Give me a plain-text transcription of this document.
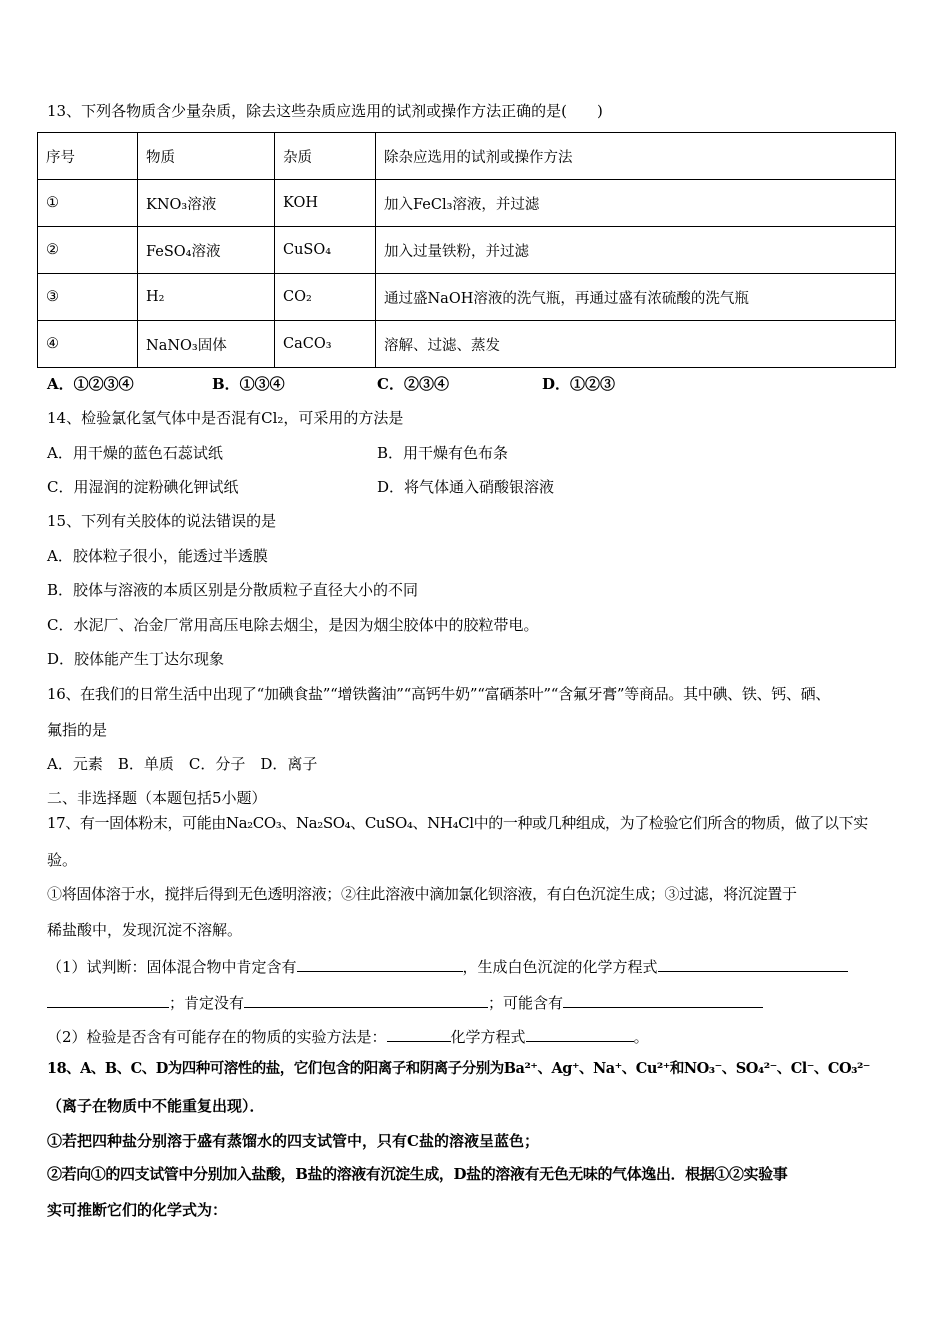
13、下列各物质含少量杂质，除去这些杂质应选用的试剂或操作方法正确的是(　　)
序号	物质	杂质	除杂应选用的试剂或操作方法
①	KNO₃溶液	KOH	加入FeCl₃溶液，并过滤
②	FeSO₄溶液	CuSO₄	加入过量铁粉，并过滤
③	H₂	CO₂	通过盛NaOH溶液的洗气瓶，再通过盛有浓硫酸的洗气瓶
④	NaNO₃固体	CaCO₃	溶解、过滤、蒸发
A．①②③④	B．①③④	C．②③④	D．①②③
14、检验氯化氢气体中是否混有Cl₂，可采用的方法是
A．用干燥的蓝色石蕊试纸	B．用干燥有色布条
C．用湿润的淀粉碘化钾试纸	D．将气体通入硝酸银溶液
15、下列有关胶体的说法错误的是
A．胶体粒子很小，能透过半透膜
B．胶体与溶液的本质区别是分散质粒子直径大小的不同
C．水泥厂、冶金厂常用高压电除去烟尘，是因为烟尘胶体中的胶粒带电。
D．胶体能产生丁达尔现象
16、在我们的日常生活中出现了“加碘食盐”“增铁酱油”“高钙牛奶”“富硒茶叶”“含氟牙膏”等商品。其中碘、铁、钙、硒、
氟指的是
A．元素　B．单质　C．分子　D．离子
二、非选择题（本题包括5小题）
17、有一固体粉末，可能由Na₂CO₃、Na₂SO₄、CuSO₄、NH₄Cl中的一种或几种组成，为了检验它们所含的物质，做了以下实
验。
①将固体溶于水，搅拌后得到无色透明溶液；②往此溶液中滴加氯化钡溶液，有白色沉淀生成；③过滤，将沉淀置于
稀盐酸中，发现沉淀不溶解。
（1）试判断：固体混合物中肯定含有	，生成白色沉淀的化学方程式
；肯定没有	；可能含有
（2）检验是否含有可能存在的物质的实验方法是：	化学方程式	。
18、A、B、C、D为四种可溶性的盐，它们包含的阳离子和阴离子分别为Ba²⁺、Ag⁺、Na⁺、Cu²⁺和NO₃⁻、SO₄²⁻、Cl⁻、CO₃²⁻
（离子在物质中不能重复出现）．
①若把四种盐分别溶于盛有蒸馏水的四支试管中，只有C盐的溶液呈蓝色；
②若向①的四支试管中分别加入盐酸，B盐的溶液有沉淀生成，D盐的溶液有无色无味的气体逸出．根据①②实验事
实可推断它们的化学式为：
